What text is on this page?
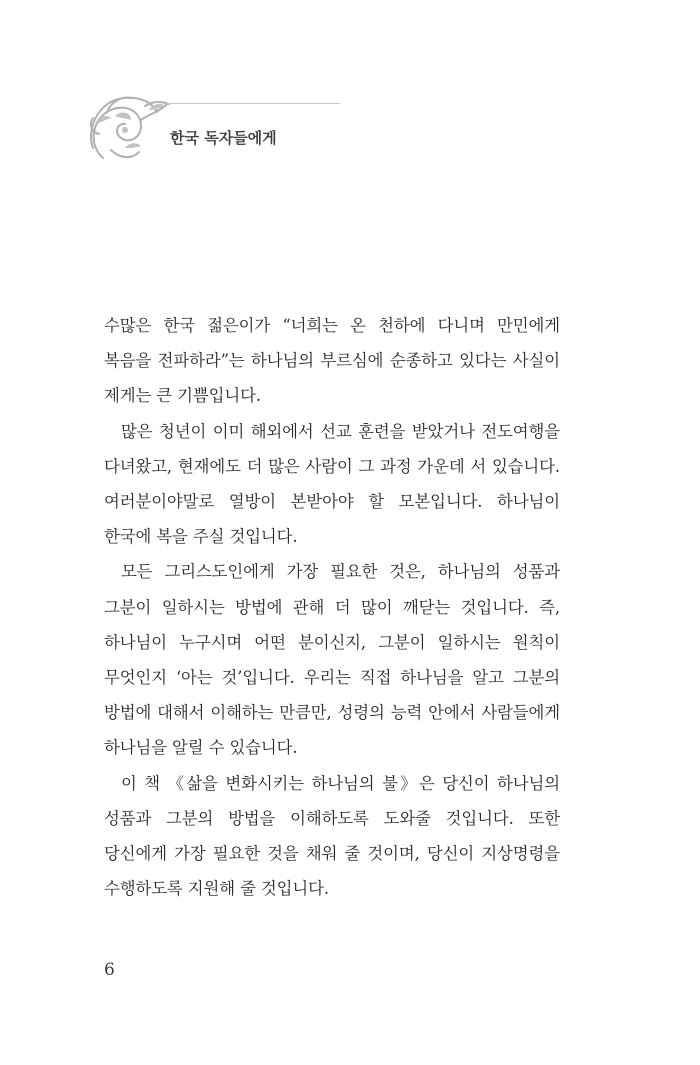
한국 독자들에게

수많은 한국 젊은이가 “너희는 온 천하에 다니며 만민에게 복음을 전파하라”는 하나님의 부르심에 순종하고 있다는 사실이 제게는 큰 기쁨입니다.

많은 청년이 이미 해외에서 선교 훈련을 받았거나 전도여행을 다녀왔고, 현재에도 더 많은 사람이 그 과정 가운데 서 있습니다. 여러분이야말로 열방이 본받아야 할 모본입니다. 하나님이 한국에 복을 주실 것입니다.

모든 그리스도인에게 가장 필요한 것은, 하나님의 성품과 그분이 일하시는 방법에 관해 더 많이 깨닫는 것입니다. 즉, 하나님이 누구시며 어떤 분이신지, 그분이 일하시는 원칙이 무엇인지 ‘아는 것’입니다. 우리는 직접 하나님을 알고 그분의 방법에 대해서 이해하는 만큼만, 성령의 능력 안에서 사람들에게 하나님을 알릴 수 있습니다.

이 책 《삶을 변화시키는 하나님의 불》은 당신이 하나님의 성품과 그분의 방법을 이해하도록 도와줄 것입니다. 또한 당신에게 가장 필요한 것을 채워 줄 것이며, 당신이 지상명령을 수행하도록 지원해 줄 것입니다.

6
